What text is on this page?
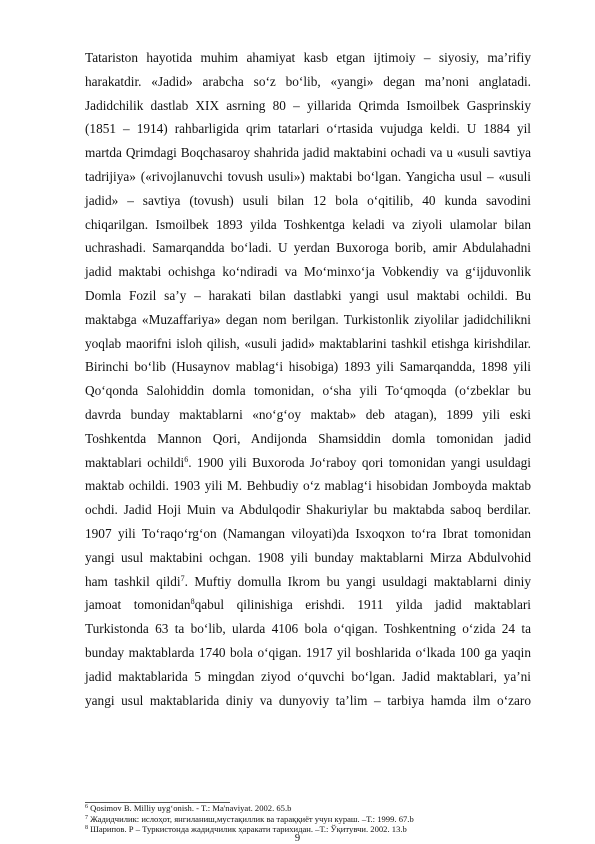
Tatariston hayotida muhim ahamiyat kasb etgan ijtimoiy – siyosiy, ma’rifiy
harakatdir. «Jadid» arabcha so‘z bo‘lib, «yangi» degan ma’noni anglatadi.
Jadidchilik dastlab XIX asrning 80 – yillarida Qrimda Ismoilbek Gasprinskiy
(1851 – 1914) rahbarligida qrim tatarlari o‘rtasida vujudga keldi. U 1884 yil
martda Qrimdagi Boqchasaroy shahrida jadid maktabini ochadi va u «usuli savtiya
tadrijiya» («rivojlanuvchi tovush usuli») maktabi bo‘lgan. Yangicha usul – «usuli
jadid» – savtiya (tovush) usuli bilan 12 bola o‘qitilib, 40 kunda savodini
chiqarilgan. Ismoilbek 1893 yilda Toshkentga keladi va ziyoli ulamolar bilan
uchrashadi. Samarqandda bo‘ladi. U yerdan Buxoroga borib, amir Abdulahadni
jadid maktabi ochishga ko‘ndiradi va Mo‘minxo‘ja Vobkendiy va g‘ijduvonlik
Domla Fozil sa’y – harakati bilan dastlabki yangi usul maktabi ochildi. Bu
maktabga «Muzaffariya» degan nom berilgan. Turkistonlik ziyolilar jadidchilikni
yoqlab maorifni isloh qilish, «usuli jadid» maktablarini tashkil etishga kirishdilar.
Birinchi bo‘lib (Husaynov mablag‘i hisobiga) 1893 yili Samarqandda, 1898 yili
Qo‘qonda Salohiddin domla tomonidan, o‘sha yili To‘qmoqda (o‘zbeklar bu
davrda bunday maktablarni «no‘g‘oy maktab» deb atagan), 1899 yili eski
Toshkentda Mannon Qori, Andijonda Shamsiddin domla tomonidan jadid
maktablari ochildi$^6$. 1900 yili Buxoroda Jo‘raboy qori tomonidan yangi usuldagi
maktab ochildi. 1903 yili M. Behbudiy o‘z mablag‘i hisobidan Jomboyda maktab
ochdi. Jadid Hoji Muin va Abdulqodir Shakuriylar bu maktabda saboq berdilar.
1907 yili To‘raqo‘rg‘on (Namangan viloyati)da Isxoqxon to‘ra Ibrat tomonidan
yangi usul maktabini ochgan. 1908 yili bunday maktablarni Mirza Abdulvohid
ham tashkil qildi$^7$. Muftiy domulla Ikrom bu yangi usuldagi maktablarni diniy
jamoat tomonidan$^8$qabul qilinishiga erishdi. 1911 yilda jadid maktablari
Turkistonda 63 ta bo‘lib, ularda 4106 bola o‘qigan. Toshkentning o‘zida 24 ta
bunday maktablarda 1740 bola o‘qigan. 1917 yil boshlarida o‘lkada 100 ga yaqin
jadid maktablarida 5 mingdan ziyod o‘quvchi bo‘lgan. Jadid maktablari, ya’ni
yangi usul maktablarida diniy va dunyoviy ta’lim – tarbiya hamda ilm o‘zaro
$^6$ Qosimov B. Milliy uyg‘onish. - T.: Ma'naviyat. 2002. 65.b
$^7$ Жадидчилик: ислоҳот, янгиланиш,мустақиллик ва тараққиёт учун кураш. –Т.: 1999. 67.b
$^8$ Шарипов. Р – Туркистонда жадидчилик ҳаракати тарихидан. –Т.: Ўқитувчи. 2002. 13.b
9
